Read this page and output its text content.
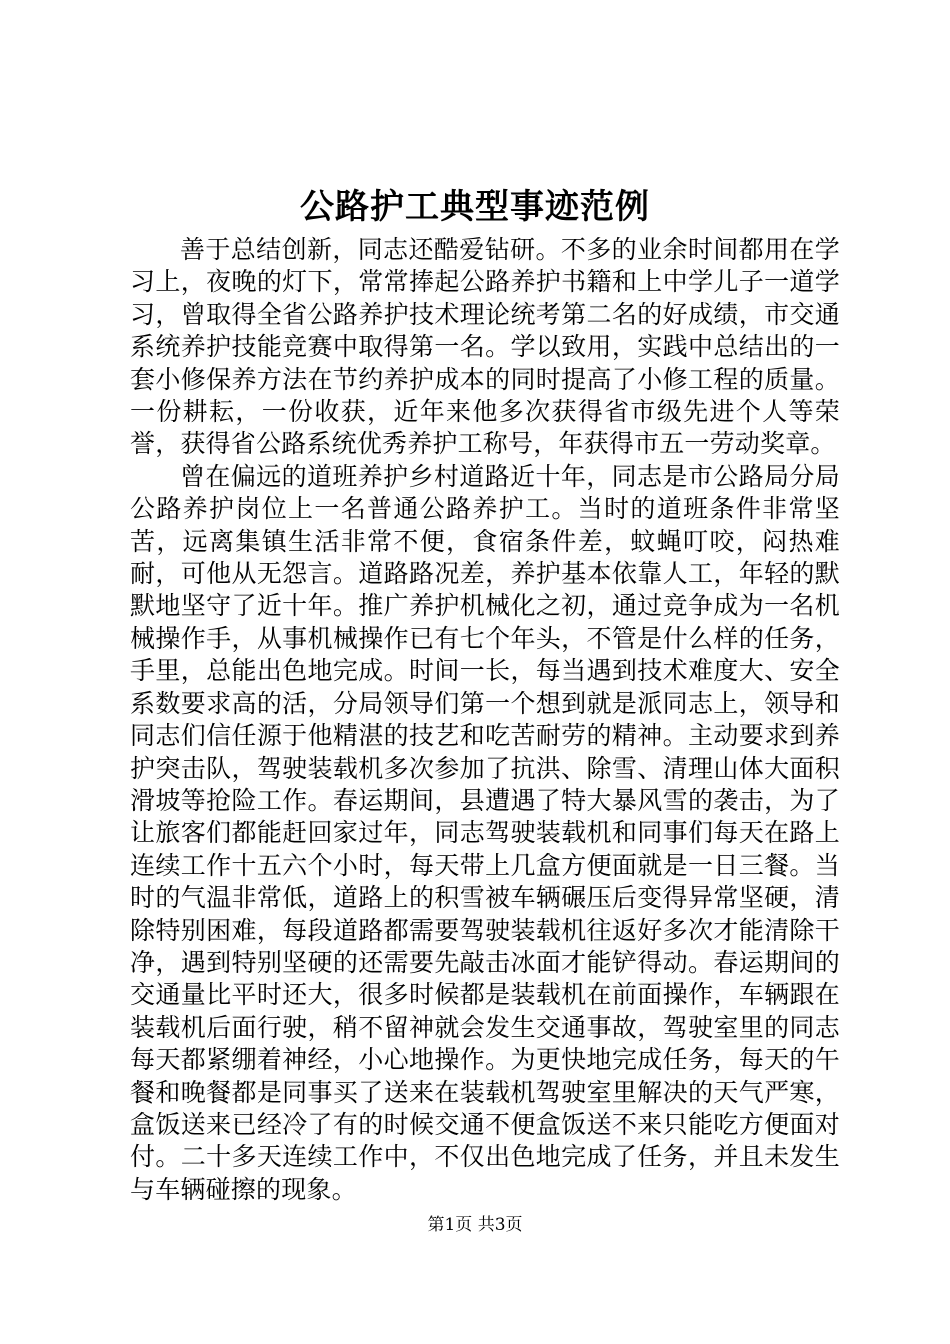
公路护工典型事迹范例

善于总结创新，同志还酷爱钻研。不多的业余时间都用在学习上，夜晚的灯下，常常捧起公路养护书籍和上中学儿子一道学习，曾取得全省公路养护技术理论统考第二名的好成绩，市交通系统养护技能竞赛中取得第一名。学以致用，实践中总结出的一套小修保养方法在节约养护成本的同时提高了小修工程的质量。一份耕耘，一份收获，近年来他多次获得省市级先进个人等荣誉，获得省公路系统优秀养护工称号，年获得市五一劳动奖章。

曾在偏远的道班养护乡村道路近十年，同志是市公路局分局公路养护岗位上一名普通公路养护工。当时的道班条件非常坚苦，远离集镇生活非常不便，食宿条件差，蚊蝇叮咬，闷热难耐，可他从无怨言。道路路况差，养护基本依靠人工，年轻的默默地坚守了近十年。推广养护机械化之初，通过竞争成为一名机械操作手，从事机械操作已有七个年头，不管是什么样的任务，手里，总能出色地完成。时间一长，每当遇到技术难度大、安全系数要求高的活，分局领导们第一个想到就是派同志上，领导和同志们信任源于他精湛的技艺和吃苦耐劳的精神。主动要求到养护突击队，驾驶装载机多次参加了抗洪、除雪、清理山体大面积滑坡等抢险工作。春运期间，县遭遇了特大暴风雪的袭击，为了让旅客们都能赶回家过年，同志驾驶装载机和同事们每天在路上连续工作十五六个小时，每天带上几盒方便面就是一日三餐。当时的气温非常低，道路上的积雪被车辆碾压后变得异常坚硬，清除特别困难，每段道路都需要驾驶装载机往返好多次才能清除干净，遇到特别坚硬的还需要先敲击冰面才能铲得动。春运期间的交通量比平时还大，很多时候都是装载机在前面操作，车辆跟在装载机后面行驶，稍不留神就会发生交通事故，驾驶室里的同志每天都紧绷着神经，小心地操作。为更快地完成任务，每天的午餐和晚餐都是同事买了送来在装载机驾驶室里解决的天气严寒，盒饭送来已经冷了有的时候交通不便盒饭送不来只能吃方便面对付。二十多天连续工作中，不仅出色地完成了任务，并且未发生与车辆碰擦的现象。

第1页 共3页
